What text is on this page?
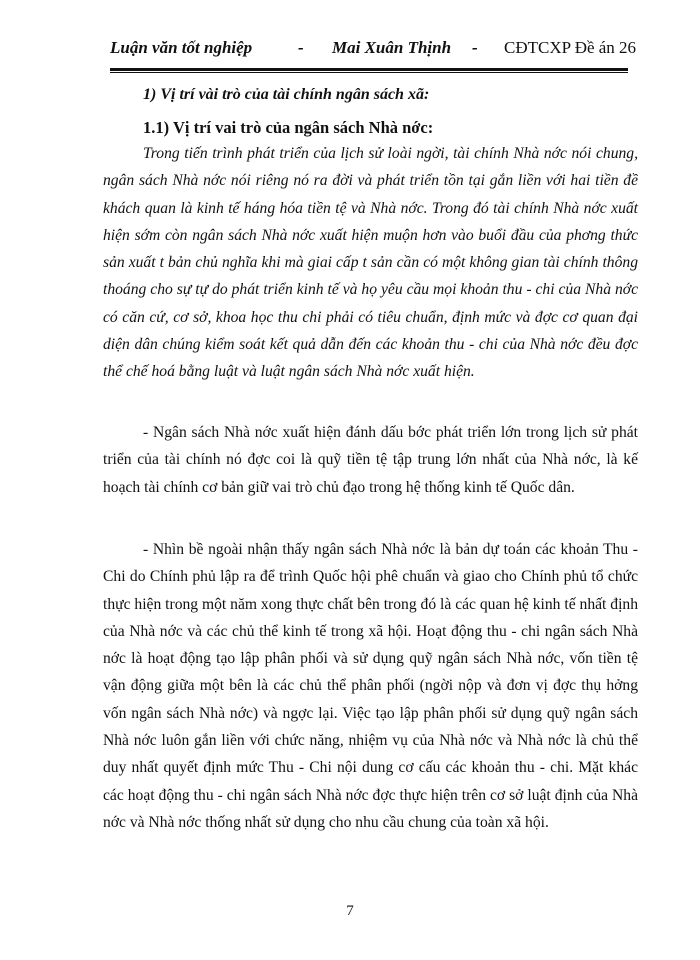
Luận văn tốt nghiệp	- Mai Xuân Thịnh - CĐTCXP Đề án 26
1) Vị trí vài trò của tài chính ngân sách xã:
1.1) Vị trí vai trò của ngân sách Nhà nớc:

Trong tiến trình phát triển của lịch sử loài ngời, tài chính Nhà nớc nói chung, ngân sách Nhà nớc nói riêng nó ra đời và phát triển tồn tại gắn liền với hai tiền đề khách quan là kinh tế háng hóa tiền tệ và Nhà nớc. Trong đó tài chính Nhà nớc xuất hiện sớm còn ngân sách Nhà nớc xuất hiện muộn hơn vào buổi đầu của phơng thức sản xuất t bản chủ nghĩa khi mà giai cấp t sản cần có một không gian tài chính thông thoáng cho sự tự do phát triển kinh tế và họ yêu cầu mọi khoản thu - chi của Nhà nớc có căn cứ, cơ sở, khoa học thu chi phải có tiêu chuẩn, định mức và đợc cơ quan đại diện dân chúng kiểm soát kết quả dẫn đến các khoản thu - chi của Nhà nớc đều đợc thể chế hoá bằng luật và luật ngân sách Nhà nớc xuất hiện.

- Ngân sách Nhà nớc xuất hiện đánh dấu bớc phát triển lớn trong lịch sử phát triển của tài chính nó đợc coi là quỹ tiền tệ tập trung lớn nhất của Nhà nớc, là kế hoạch tài chính cơ bản giữ vai trò chủ đạo trong hệ thống kinh tế Quốc dân.

- Nhìn bề ngoài nhận thấy ngân sách Nhà nớc là bản dự toán các khoản Thu - Chi do Chính phủ lập ra để trình Quốc hội phê chuẩn và giao cho Chính phủ tổ chức thực hiện trong một năm xong thực chất bên trong đó là các quan hệ kinh tế nhất định của Nhà nớc và các chủ thể kinh tế trong xã hội. Hoạt động thu - chi ngân sách Nhà nớc là hoạt động tạo lập phân phối và sử dụng quỹ ngân sách Nhà nớc, vốn tiền tệ vận động giữa một bên là các chủ thể phân phối (ngời nộp và đơn vị đợc thụ hởng vốn ngân sách Nhà nớc) và ngợc lại. Việc tạo lập phân phối sử dụng quỹ ngân sách Nhà nớc luôn gắn liền với chức năng, nhiệm vụ của Nhà nớc và Nhà nớc là chủ thể duy nhất quyết định mức Thu - Chi nội dung cơ cấu các khoản thu - chi. Mặt khác các hoạt động thu - chi ngân sách Nhà nớc đợc thực hiện trên cơ sở luật định của Nhà nớc và Nhà nớc thống nhất sử dụng cho nhu cầu chung của toàn xã hội.

7
